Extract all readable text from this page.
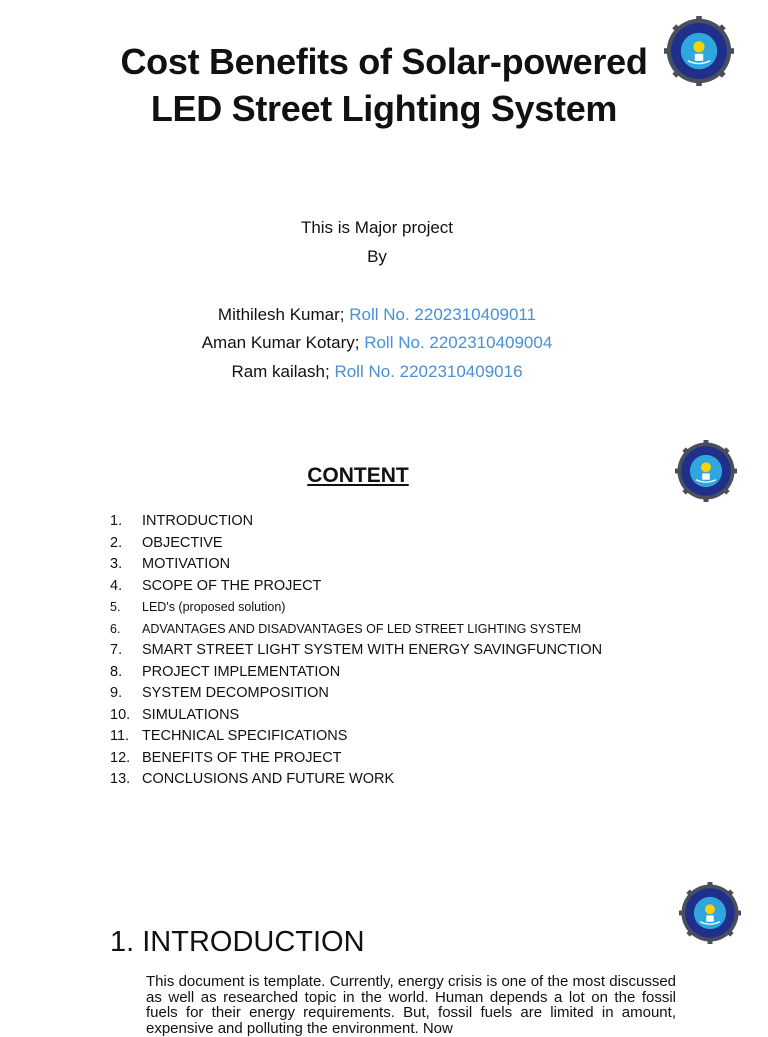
Cost Benefits of Solar-powered LED Street Lighting System
This is Major project
By
Mithilesh Kumar; Roll No. 2202310409011
Aman Kumar Kotary; Roll No. 2202310409004
Ram kailash; Roll No. 2202310409016
CONTENT
1. INTRODUCTION
2. OBJECTIVE
3. MOTIVATION
4. SCOPE OF THE PROJECT
5. LED's (proposed solution)
6. ADVANTAGES AND DISADVANTAGES OF LED STREET LIGHTING SYSTEM
7. SMART STREET LIGHT SYSTEM WITH ENERGY SAVINGFUNCTION
8. PROJECT IMPLEMENTATION
9. SYSTEM DECOMPOSITION
10. SIMULATIONS
11. TECHNICAL SPECIFICATIONS
12. BENEFITS OF THE PROJECT
13. CONCLUSIONS AND FUTURE WORK
1. INTRODUCTION
This document is template. Currently, energy crisis is one of the most discussed as well as researched topic in the world. Human depends a lot on the fossil fuels for their energy requirements. But, fossil fuels are limited in amount, expensive and polluting the environment. Now
